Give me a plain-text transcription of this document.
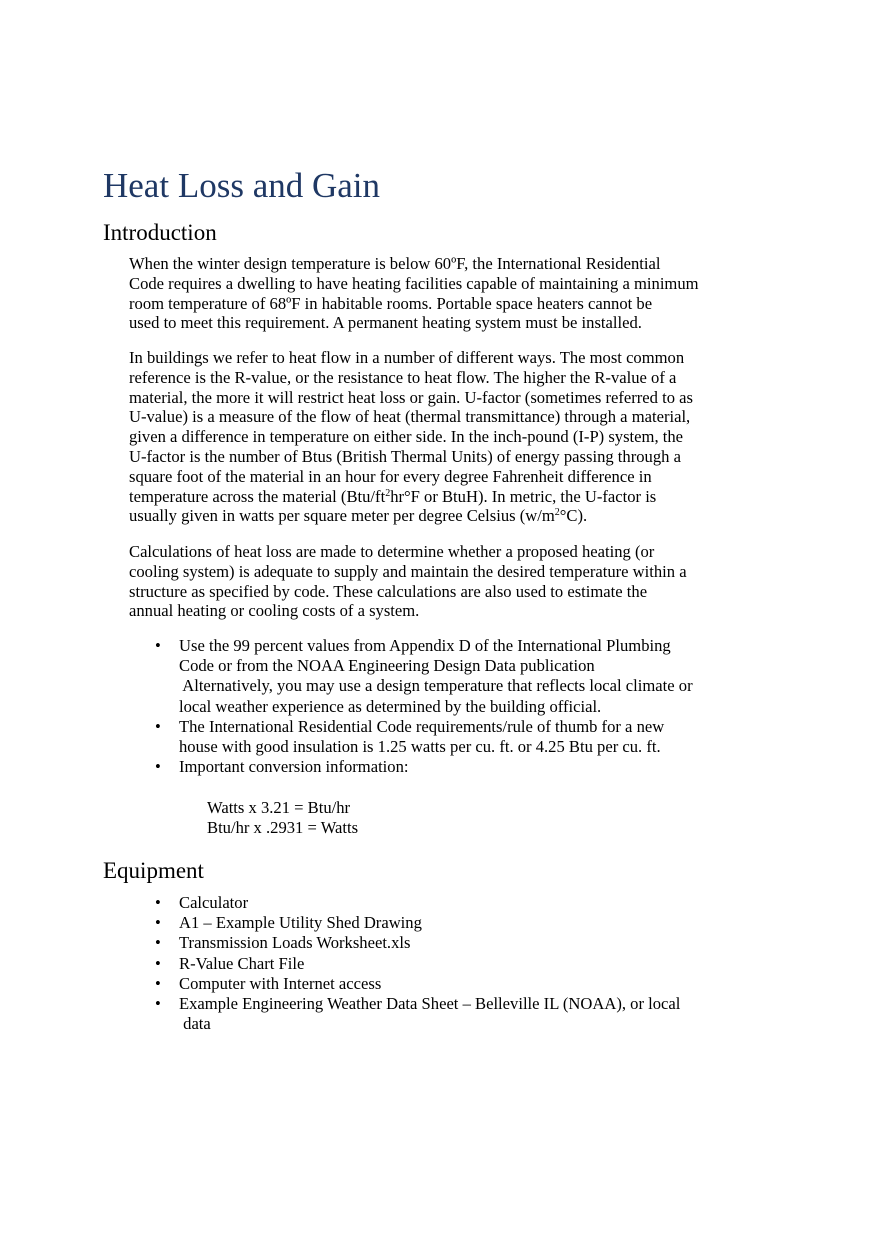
Heat Loss and Gain
Introduction

When the winter design temperature is below 60ºF, the International Residential
Code requires a dwelling to have heating facilities capable of maintaining a minimum
room temperature of 68ºF in habitable rooms. Portable space heaters cannot be
used to meet this requirement. A permanent heating system must be installed.

In buildings we refer to heat flow in a number of different ways. The most common
reference is the R-value, or the resistance to heat flow. The higher the R-value of a
material, the more it will restrict heat loss or gain. U-factor (sometimes referred to as
U-value) is a measure of the flow of heat (thermal transmittance) through a material,
given a difference in temperature on either side. In the inch-pound (I-P) system, the
U-factor is the number of Btus (British Thermal Units) of energy passing through a
square foot of the material in an hour for every degree Fahrenheit difference in
temperature across the material ($Btu/ft^2hr^\circ F$ or BtuH). In metric, the U-factor is
usually given in watts per square meter per degree Celsius $(w/m^2^\circ C)$.

Calculations of heat loss are made to determine whether a proposed heating (or
cooling system) is adequate to supply and maintain the desired temperature within a
structure as specified by code. These calculations are also used to estimate the
annual heating or cooling costs of a system.

• Use the 99 percent values from Appendix D of the International Plumbing
Code or from the NOAA Engineering Design Data publication
Alternatively, you may use a design temperature that reflects local climate or
local weather experience as determined by the building official.
• The International Residential Code requirements/rule of thumb for a new
house with good insulation is 1.25 watts per cu. ft. or 4.25 Btu per cu. ft.
• Important conversion information:

Watts x 3.21 = Btu/hr
Btu/hr x .2931 = Watts

Equipment
• Calculator
• A1 – Example Utility Shed Drawing
• Transmission Loads Worksheet.xls
• R-Value Chart File
• Computer with Internet access
• Example Engineering Weather Data Sheet – Belleville IL (NOAA), or local
data
